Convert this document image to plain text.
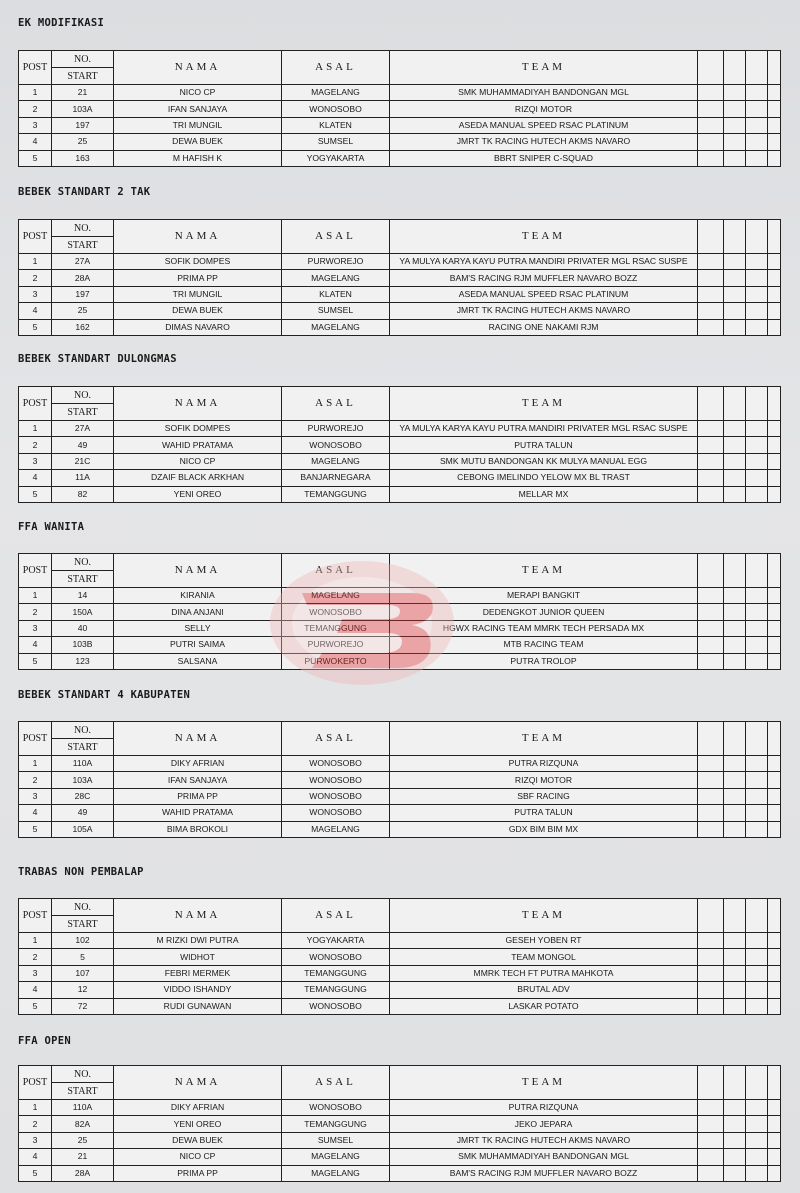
EK MODIFIKASI
POST	NO.	NAMA	ASAL	TEAM				
	START							
1	21	NICO CP	MAGELANG	SMK MUHAMMADIYAH BANDONGAN MGL				
2	103A	IFAN SANJAYA	WONOSOBO	RIZQI MOTOR				
3	197	TRI MUNGIL	KLATEN	ASEDA MANUAL SPEED RSAC PLATINUM				
4	25	DEWA BUEK	SUMSEL	JMRT TK RACING HUTECH AKMS NAVARO				
5	163	M HAFISH K	YOGYAKARTA	BBRT SNIPER C-SQUAD				
BEBEK STANDART 2 TAK
POST	NO.	NAMA	ASAL	TEAM				
	START							
1	27A	SOFIK DOMPES	PURWOREJO	YA MULYA KARYA KAYU PUTRA MANDIRI PRIVATER MGL RSAC SUSPE				
2	28A	PRIMA PP	MAGELANG	BAM'S RACING RJM MUFFLER NAVARO BOZZ				
3	197	TRI MUNGIL	KLATEN	ASEDA MANUAL SPEED RSAC PLATINUM				
4	25	DEWA BUEK	SUMSEL	JMRT TK RACING HUTECH AKMS NAVARO				
5	162	DIMAS NAVARO	MAGELANG	RACING ONE NAKAMI RJM				
BEBEK STANDART DULONGMAS
POST	NO.	NAMA	ASAL	TEAM				
	START							
1	27A	SOFIK DOMPES	PURWOREJO	YA MULYA KARYA KAYU PUTRA MANDIRI PRIVATER MGL RSAC SUSPE				
2	49	WAHID PRATAMA	WONOSOBO	PUTRA TALUN				
3	21C	NICO CP	MAGELANG	SMK MUTU BANDONGAN KK MULYA MANUAL EGG				
4	11A	DZAIF BLACK ARKHAN	BANJARNEGARA	CEBONG IMELINDO YELOW MX BL TRAST				
5	82	YENI OREO	TEMANGGUNG	MELLAR MX				
FFA WANITA
POST	NO.	NAMA	ASAL	TEAM				
	START							
1	14	KIRANIA	MAGELANG	MERAPI BANGKIT				
2	150A	DINA ANJANI	WONOSOBO	DEDENGKOT JUNIOR QUEEN				
3	40	SELLY	TEMANGGUNG	HGWX RACING TEAM MMRK TECH PERSADA MX				
4	103B	PUTRI SAIMA	PURWOREJO	MTB RACING TEAM				
5	123	SALSANA	PURWOKERTO	PUTRA TROLOP				
BEBEK STANDART 4 KABUPATEN
POST	NO.	NAMA	ASAL	TEAM				
	START							
1	110A	DIKY AFRIAN	WONOSOBO	PUTRA RIZQUNA				
2	103A	IFAN SANJAYA	WONOSOBO	RIZQI MOTOR				
3	28C	PRIMA PP	WONOSOBO	SBF RACING				
4	49	WAHID PRATAMA	WONOSOBO	PUTRA TALUN				
5	105A	BIMA BROKOLI	MAGELANG	GDX BIM BIM MX				
TRABAS NON PEMBALAP
POST	NO.	NAMA	ASAL	TEAM				
	START							
1	102	M RIZKI DWI PUTRA	YOGYAKARTA	GESEH YOBEN RT				
2	5	WIDHOT	WONOSOBO	TEAM MONGOL				
3	107	FEBRI MERMEK	TEMANGGUNG	MMRK TECH FT PUTRA MAHKOTA				
4	12	VIDDO ISHANDY	TEMANGGUNG	BRUTAL ADV				
5	72	RUDI GUNAWAN	WONOSOBO	LASKAR POTATO				
FFA OPEN
POST	NO.	NAMA	ASAL	TEAM				
	START							
1	110A	DIKY AFRIAN	WONOSOBO	PUTRA RIZQUNA				
2	82A	YENI OREO	TEMANGGUNG	JEKO JEPARA				
3	25	DEWA BUEK	SUMSEL	JMRT TK RACING HUTECH AKMS NAVARO				
4	21	NICO CP	MAGELANG	SMK MUHAMMADIYAH BANDONGAN MGL				
5	28A	PRIMA PP	MAGELANG	BAM'S RACING RJM MUFFLER NAVARO BOZZ				
